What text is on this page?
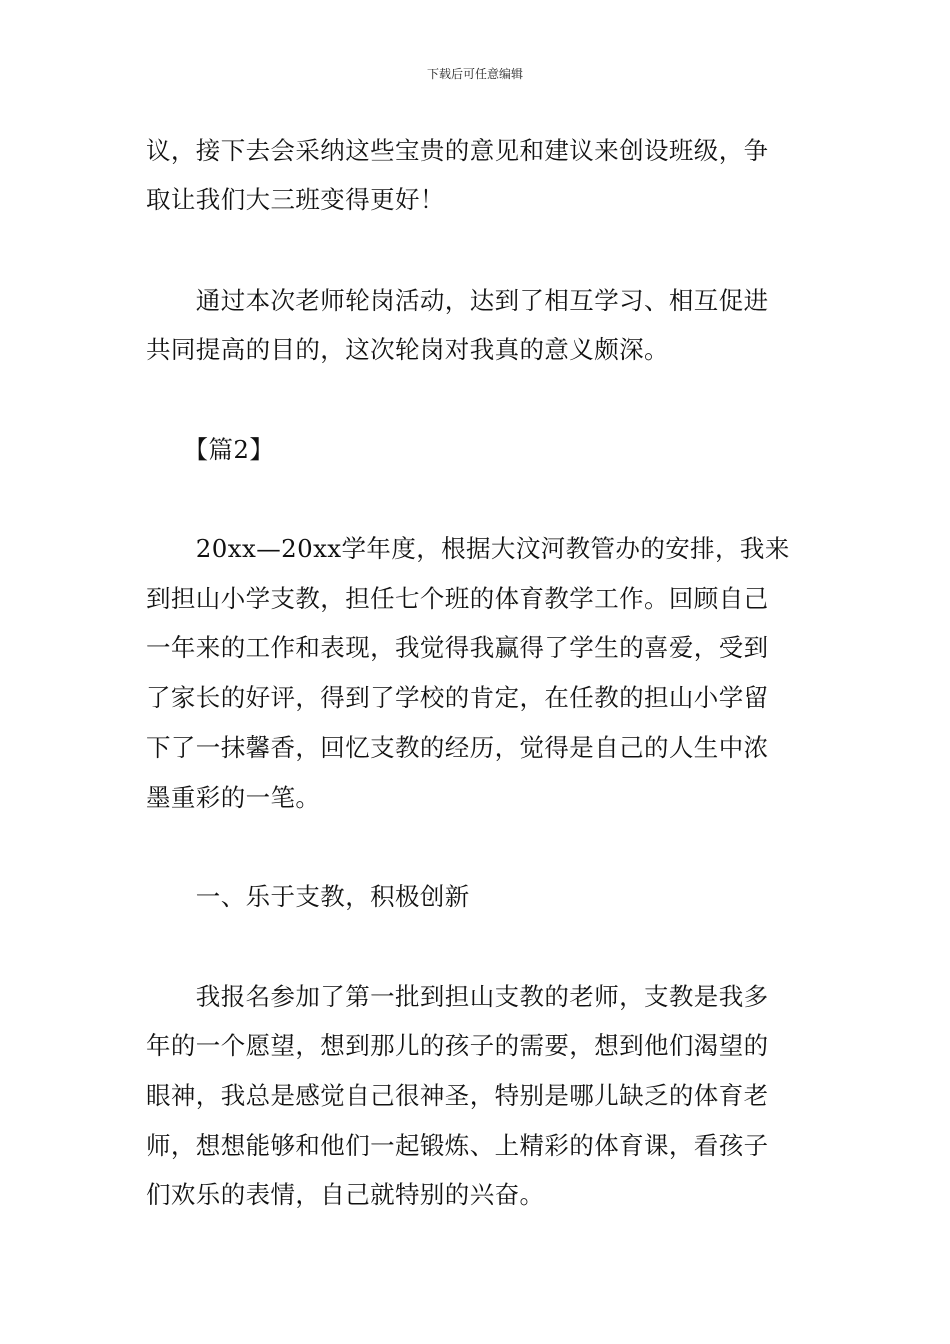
下载后可任意编辑
议，接下去会采纳这些宝贵的意见和建议来创设班级，争
取让我们大三班变得更好！
　　通过本次老师轮岗活动，达到了相互学习、相互促进
共同提高的目的，这次轮岗对我真的意义颇深。
　　【篇2】
　　20xx—20xx学年度，根据大汶河教管办的安排，我来
到担山小学支教，担任七个班的体育教学工作。回顾自己
一年来的工作和表现，我觉得我赢得了学生的喜爱，受到
了家长的好评，得到了学校的肯定，在任教的担山小学留
下了一抹馨香，回忆支教的经历，觉得是自己的人生中浓
墨重彩的一笔。
　　一、乐于支教，积极创新
　　我报名参加了第一批到担山支教的老师，支教是我多
年的一个愿望，想到那儿的孩子的需要，想到他们渴望的
眼神，我总是感觉自己很神圣，特别是哪儿缺乏的体育老
师，想想能够和他们一起锻炼、上精彩的体育课，看孩子
们欢乐的表情，自己就特别的兴奋。
